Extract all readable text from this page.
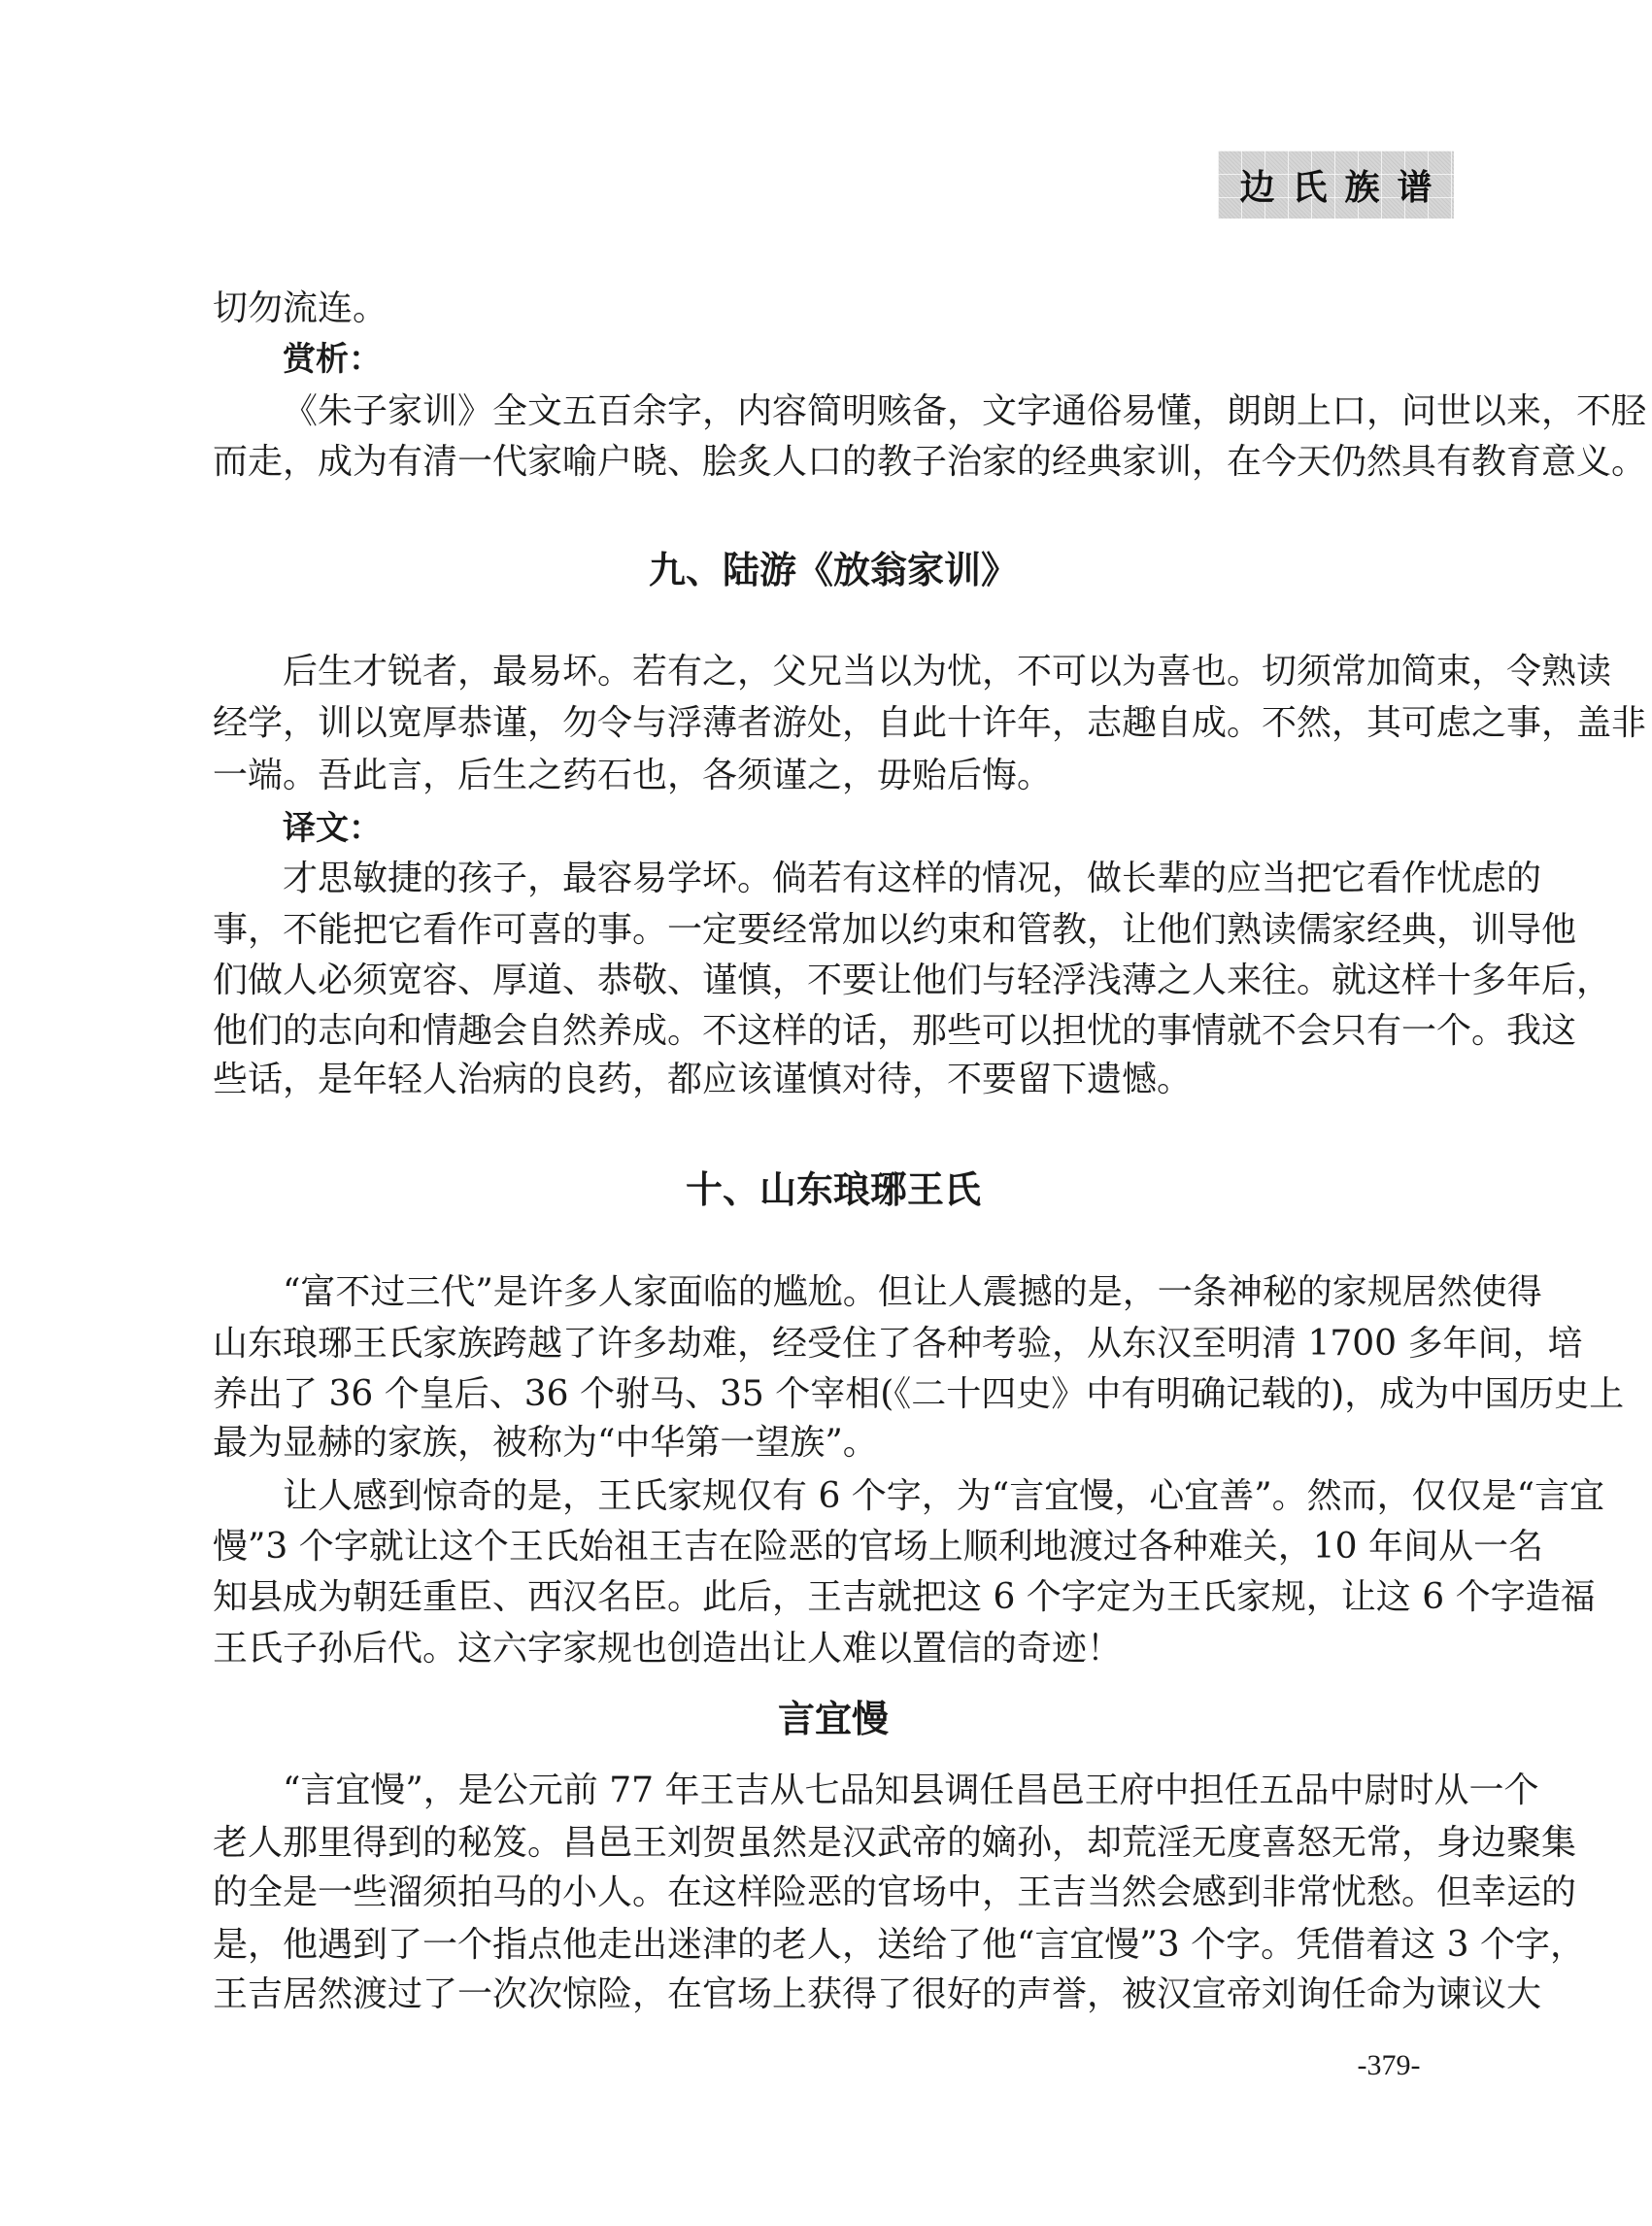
边氏族谱
切勿流连。
赏析：
《朱子家训》全文五百余字，内容简明赅备，文字通俗易懂，朗朗上口，问世以来，不胫
而走，成为有清一代家喻户晓、脍炙人口的教子治家的经典家训，在今天仍然具有教育意义。
九、陆游《放翁家训》
后生才锐者，最易坏。若有之，父兄当以为忧，不可以为喜也。切须常加简束，令熟读
经学，训以宽厚恭谨，勿令与浮薄者游处，自此十许年，志趣自成。不然，其可虑之事，盖非
一端。吾此言，后生之药石也，各须谨之，毋贻后悔。
译文：
才思敏捷的孩子，最容易学坏。倘若有这样的情况，做长辈的应当把它看作忧虑的
事，不能把它看作可喜的事。一定要经常加以约束和管教，让他们熟读儒家经典，训导他
们做人必须宽容、厚道、恭敬、谨慎，不要让他们与轻浮浅薄之人来往。就这样十多年后，
他们的志向和情趣会自然养成。不这样的话，那些可以担忧的事情就不会只有一个。我这
些话，是年轻人治病的良药，都应该谨慎对待，不要留下遗憾。
十、山东琅琊王氏
“富不过三代”是许多人家面临的尴尬。但让人震撼的是，一条神秘的家规居然使得
山东琅琊王氏家族跨越了许多劫难，经受住了各种考验，从东汉至明清 1700 多年间，培
养出了 36 个皇后、36 个驸马、35 个宰相(《二十四史》中有明确记载的)，成为中国历史上
最为显赫的家族，被称为“中华第一望族”。
让人感到惊奇的是，王氏家规仅有 6 个字，为“言宜慢，心宜善”。然而，仅仅是“言宜
慢”3 个字就让这个王氏始祖王吉在险恶的官场上顺利地渡过各种难关，10 年间从一名
知县成为朝廷重臣、西汉名臣。此后，王吉就把这 6 个字定为王氏家规，让这 6 个字造福
王氏子孙后代。这六字家规也创造出让人难以置信的奇迹！
言宜慢
“言宜慢”，是公元前 77 年王吉从七品知县调任昌邑王府中担任五品中尉时从一个
老人那里得到的秘笈。昌邑王刘贺虽然是汉武帝的嫡孙，却荒淫无度喜怒无常，身边聚集
的全是一些溜须拍马的小人。在这样险恶的官场中，王吉当然会感到非常忧愁。但幸运的
是，他遇到了一个指点他走出迷津的老人，送给了他“言宜慢”3 个字。凭借着这 3 个字，
王吉居然渡过了一次次惊险，在官场上获得了很好的声誉，被汉宣帝刘询任命为谏议大
-379-
